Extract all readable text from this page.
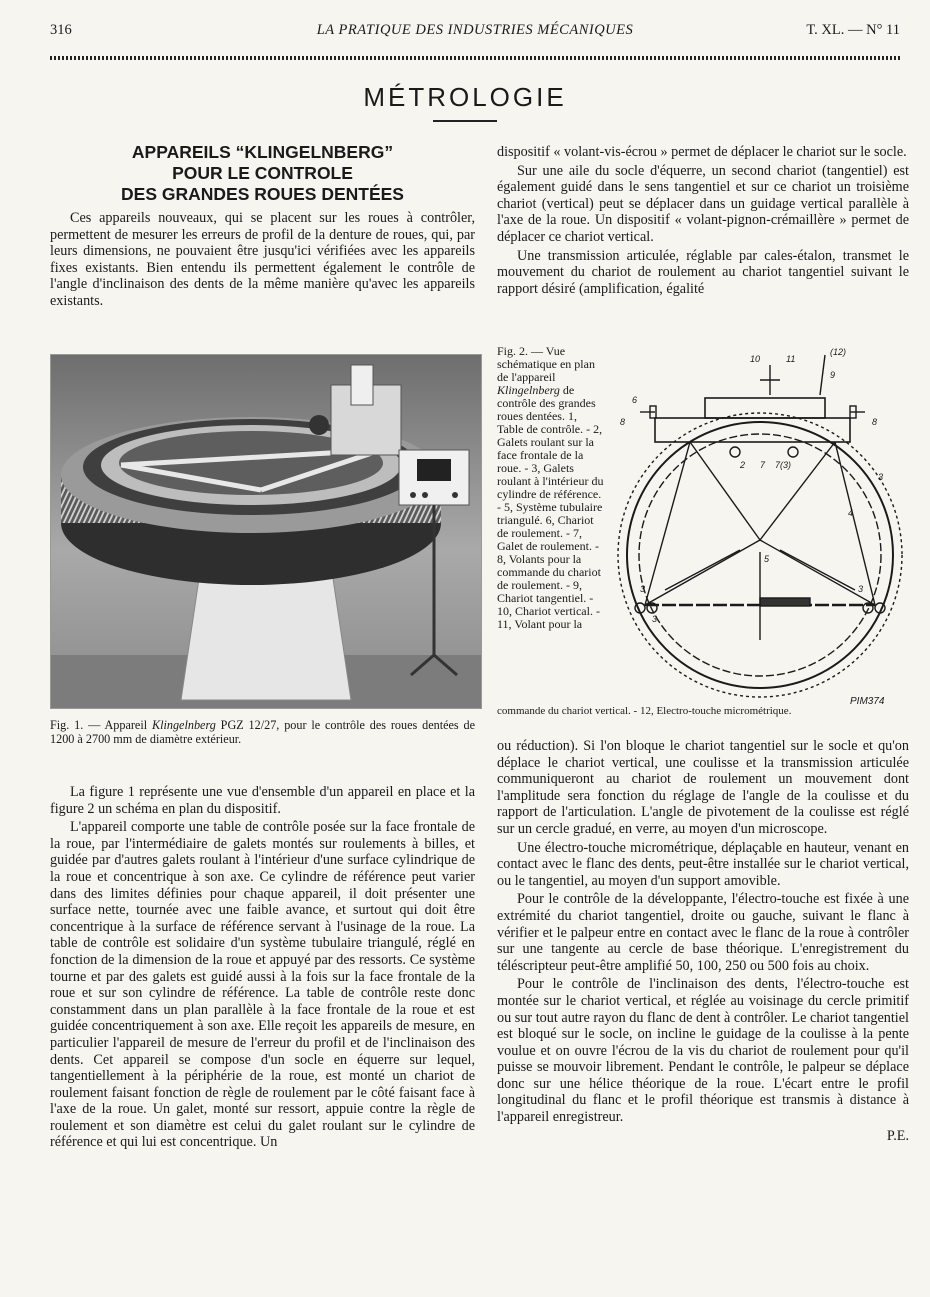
316	LA PRATIQUE DES INDUSTRIES MÉCANIQUES	T. XL. — N° 11
MÉTROLOGIE
APPAREILS “KLINGELNBERG”
POUR LE CONTROLE
DES GRANDES ROUES DENTÉES

Ces appareils nouveaux, qui se placent sur les roues à contrôler, permettent de mesurer les erreurs de profil de la denture de roues, qui, par leurs dimensions, ne pouvaient être jusqu'ici vérifiées avec les appareils fixes existants. Bien entendu ils permettent également le contrôle de l'angle d'inclinaison des dents de la même manière qu'avec les appareils existants.

Fig. 1. — Appareil Klingelnberg PGZ 12/27, pour le contrôle des roues dentées de 1200 à 2700 mm de diamètre extérieur.

La figure 1 représente une vue d'ensemble d'un appareil en place et la figure 2 un schéma en plan du dispositif.

L'appareil comporte une table de contrôle posée sur la face frontale de la roue, par l'intermédiaire de galets montés sur roulements à billes, et guidée par d'autres galets roulant à l'intérieur d'une surface cylindrique de la roue et concentrique à son axe. Ce cylindre de référence peut varier dans des limites définies pour chaque appareil, il doit présenter une surface nette, tournée avec une faible avance, et surtout qui doit être concentrique à la surface de référence servant à l'usinage de la roue. La table de contrôle est solidaire d'un système tubulaire triangulé, réglé en fonction de la dimension de la roue et appuyé par des ressorts. Ce système tourne et par des galets est guidé aussi à la fois sur la face frontale de la roue et sur son cylindre de référence. La table de contrôle reste donc constamment dans un plan parallèle à la face frontale de la roue et est guidée concentriquement à son axe. Elle reçoit les appareils de mesure, en particulier l'appareil de mesure de l'erreur du profil et de l'inclinaison des dents. Cet appareil se compose d'un socle en équerre sur lequel, tangentiellement à la périphérie de la roue, est monté un chariot de roulement faisant fonction de règle de roulement par le côté faisant face à l'axe de la roue. Un galet, monté sur ressort, appuie contre la règle de roulement et son diamètre est celui du galet roulant sur le cylindre de référence et qui lui est concentrique. Un

dispositif « volant-vis-écrou » permet de déplacer le chariot sur le socle.

Sur une aile du socle d'équerre, un second chariot (tangentiel) est également guidé dans le sens tangentiel et sur ce chariot un troisième chariot (vertical) peut se déplacer dans un guidage vertical parallèle à l'axe de la roue. Un dispositif « volant-pignon-crémaillère » permet de déplacer ce chariot vertical.

Une transmission articulée, réglable par cales-étalon, transmet le mouvement du chariot de roulement au chariot tangentiel suivant le rapport désiré (amplification, égalité

Fig. 2. — Vue schématique en plan de l'appareil Klingelnberg de contrôle des grandes roues dentées. 1, Table de contrôle. - 2, Galets roulant sur la face frontale de la roue. - 3, Galets roulant à l'intérieur du cylindre de référence. - 5, Système tubulaire triangulé. 6, Chariot de roulement. - 7, Galet de roulement. - 8, Volants pour la commande du chariot de roulement. - 9, Chariot tangentiel. - 10, Chariot vertical. - 11, Volant pour la
10	11
(12)
9
6
8	8
2 7 7(3)
3
4
5
3
3	3
PIM374
commande du chariot vertical. - 12, Electro-touche micrométrique.

ou réduction). Si l'on bloque le chariot tangentiel sur le socle et qu'on déplace le chariot vertical, une coulisse et la transmission articulée communiqueront au chariot de roulement un mouvement dont l'amplitude sera fonction du réglage de l'angle de la coulisse et du rapport de l'articulation. L'angle de pivotement de la coulisse est réglé sur un cercle gradué, en verre, au moyen d'un microscope.

Une électro-touche micrométrique, déplaçable en hauteur, venant en contact avec le flanc des dents, peut-être installée sur le chariot vertical, ou le tangentiel, au moyen d'un support amovible.

Pour le contrôle de la développante, l'électro-touche est fixée à une extrémité du chariot tangentiel, droite ou gauche, suivant le flanc à vérifier et le palpeur entre en contact avec le flanc de la roue à contrôler sur une tangente au cercle de base théorique. L'enregistrement du téléscripteur peut-être amplifié 50, 100, 250 ou 500 fois au choix.

Pour le contrôle de l'inclinaison des dents, l'électro-touche est montée sur le chariot vertical, et réglée au voisinage du cercle primitif ou sur tout autre rayon du flanc de dent à contrôler. Le chariot tangentiel est bloqué sur le socle, on incline le guidage de la coulisse à la pente voulue et on ouvre l'écrou de la vis du chariot de roulement pour qu'il puisse se mouvoir librement. Pendant le contrôle, le palpeur se déplace donc sur une hélice théorique de la roue. L'écart entre le profil longitudinal du flanc et le profil théorique est transmis à distance à l'appareil enregistreur.

P.E.
